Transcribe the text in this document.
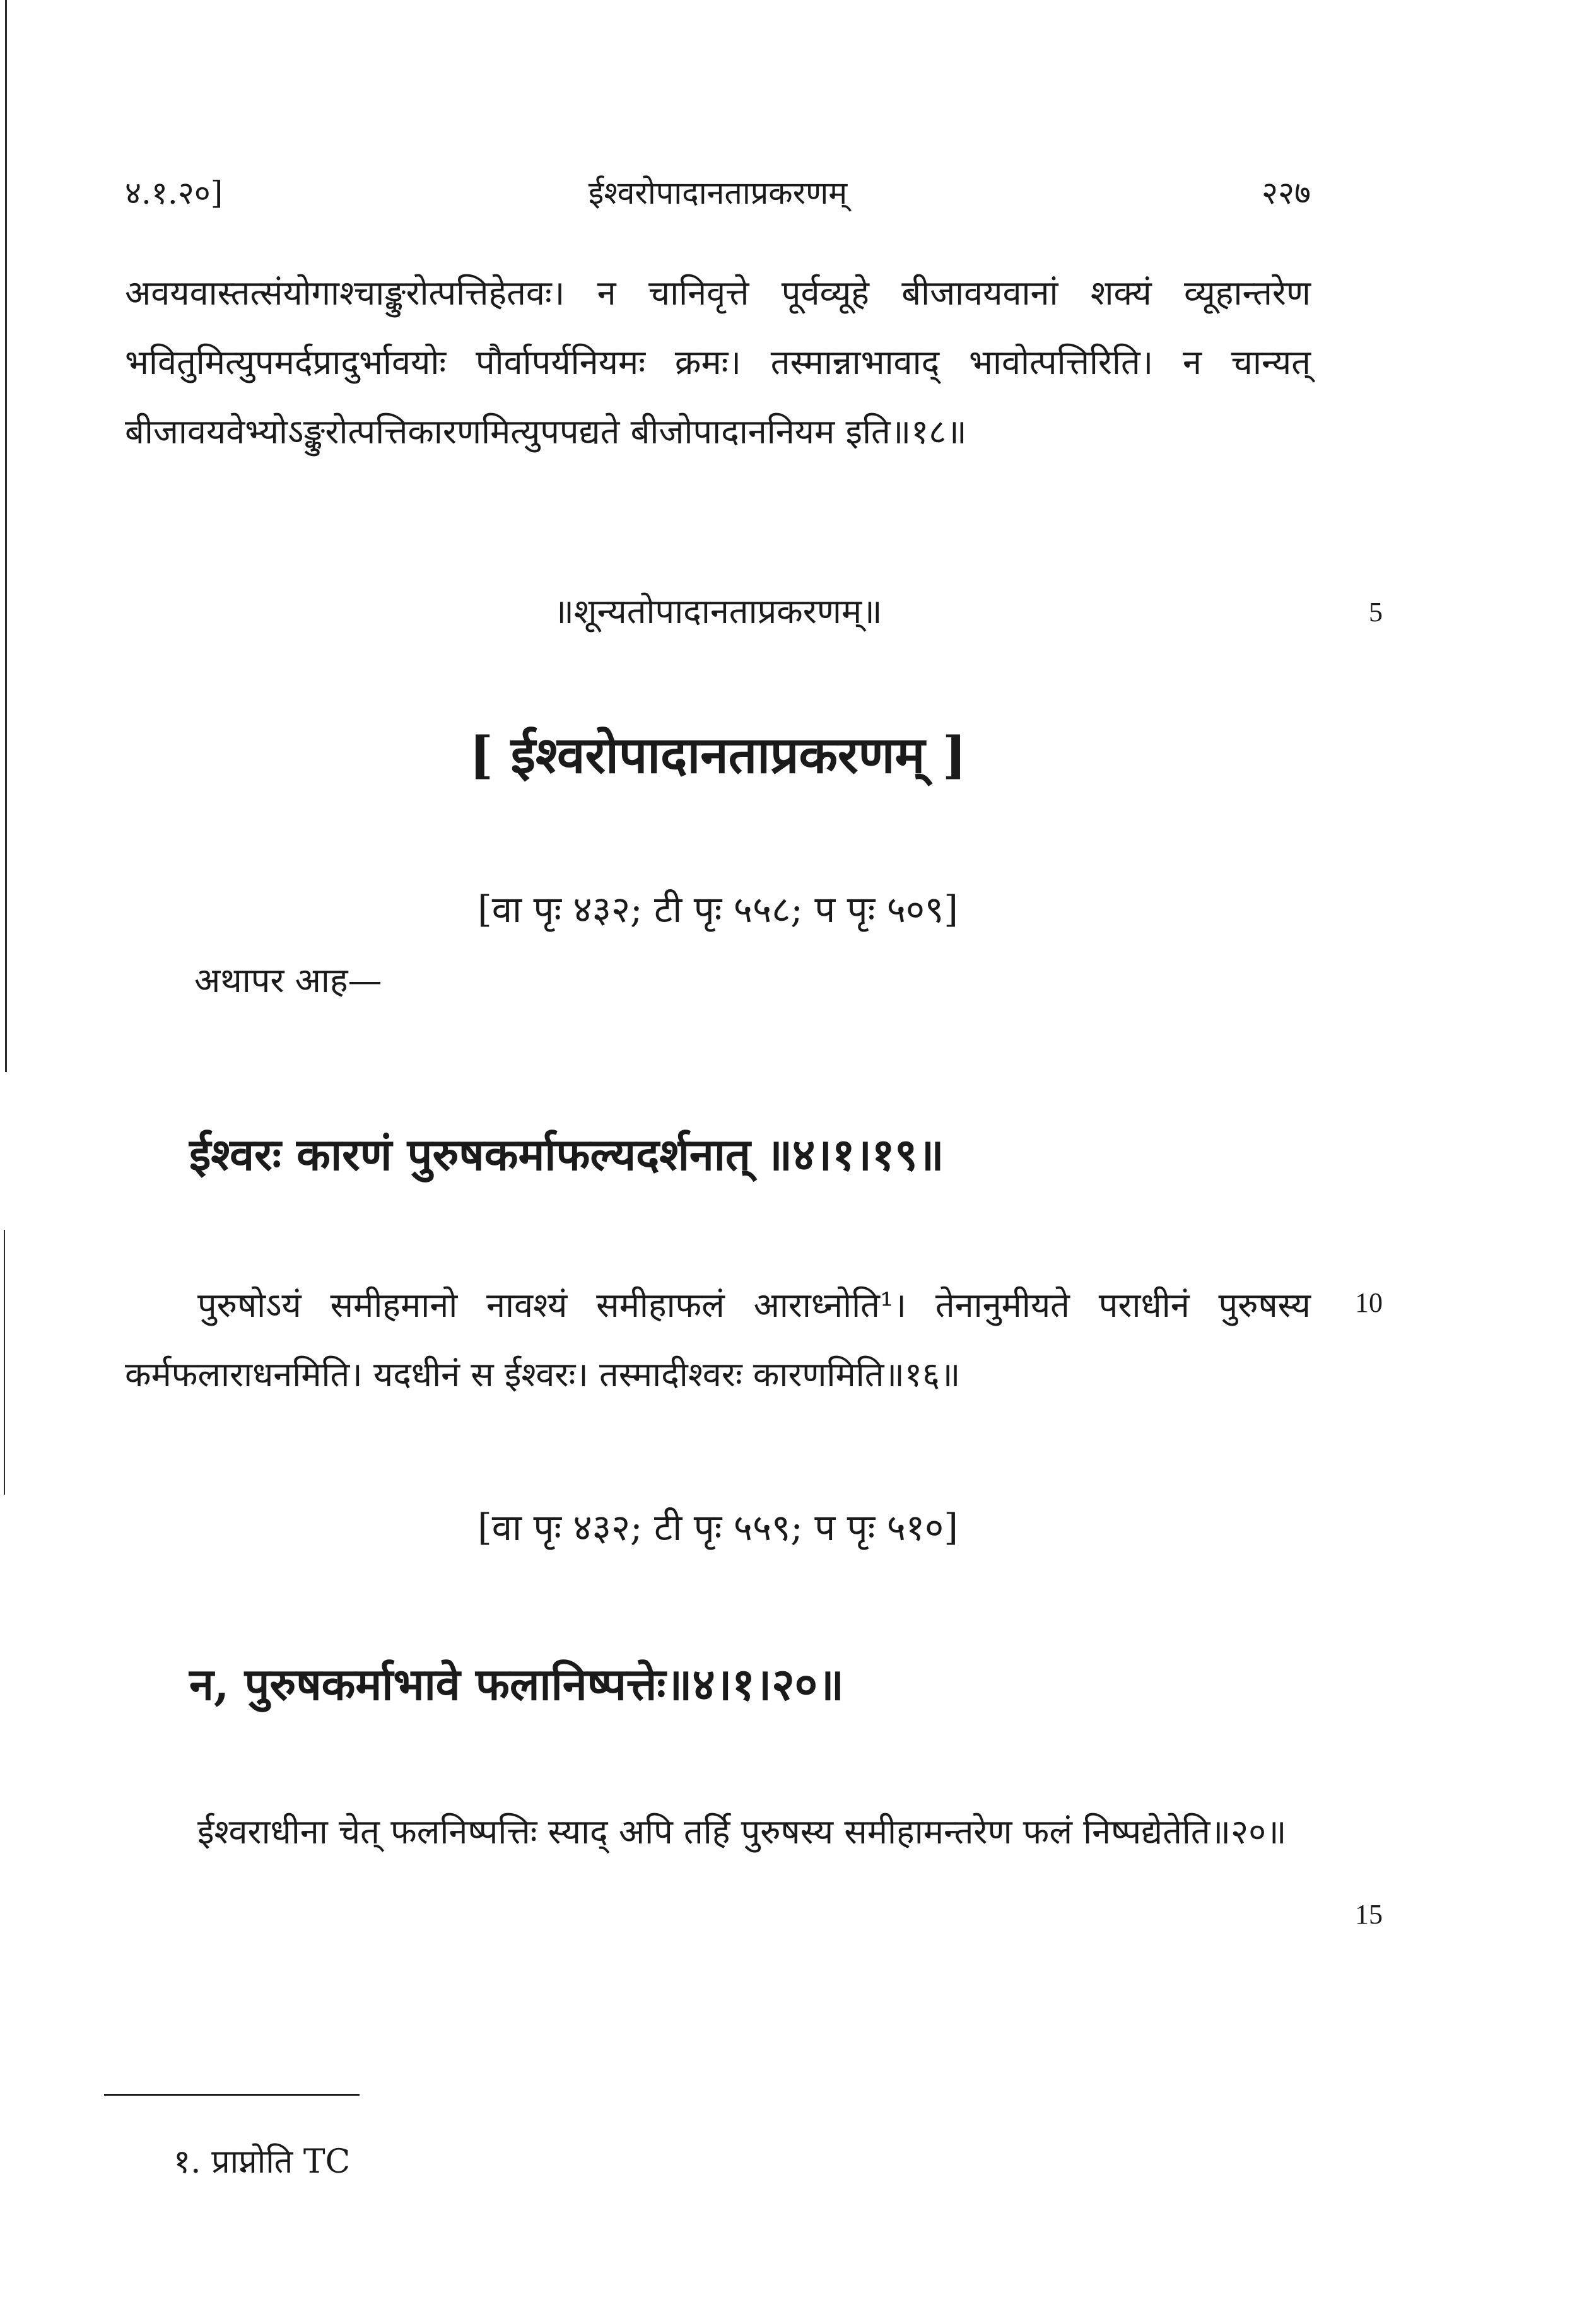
४.१.२०]	ईश्वरोपादानताप्रकरणम्	२२७

अवयवास्तत्संयोगाश्चाङ्कुरोत्पत्तिहेतवः। न चानिवृत्ते पूर्वव्यूहे बीजावयवानां शक्यं व्यूहान्तरेण भवितुमित्युपमर्दप्रादुर्भावयोः पौर्वापर्यनियमः क्रमः। तस्मान्नाभावाद् भावोत्पत्तिरिति। न चान्यत् बीजावयवेभ्योऽङ्कुरोत्पत्तिकारणमित्युपपद्यते बीजोपादाननियम इति॥१८॥

॥शून्यतोपादानताप्रकरणम्॥	5

[ ईश्वरोपादानताप्रकरणम् ]

[वा पृः ४३२; टी पृः ५५८; प पृः ५०९]

अथापर आह—

ईश्वरः कारणं पुरुषकर्माफल्यदर्शनात् ॥४।१।१९॥

पुरुषोऽयं समीहमानो नावश्यं समीहाफलं आराध्नोति¹। तेनानुमीयते पराधीनं पुरुषस्य कर्मफलाराधनमिति। यदधीनं स ईश्वरः। तस्मादीश्वरः कारणमिति॥१६॥

10

[वा पृः ४३२; टी पृः ५५९; प पृः ५१०]

न, पुरुषकर्माभावे फलानिष्पत्तेः॥४।१।२०॥

ईश्वराधीना चेत् फलनिष्पत्तिः स्याद् अपि तर्हि पुरुषस्य समीहामन्तरेण फलं निष्पद्येतेति॥२०॥

15
१. प्राप्नोति TC
